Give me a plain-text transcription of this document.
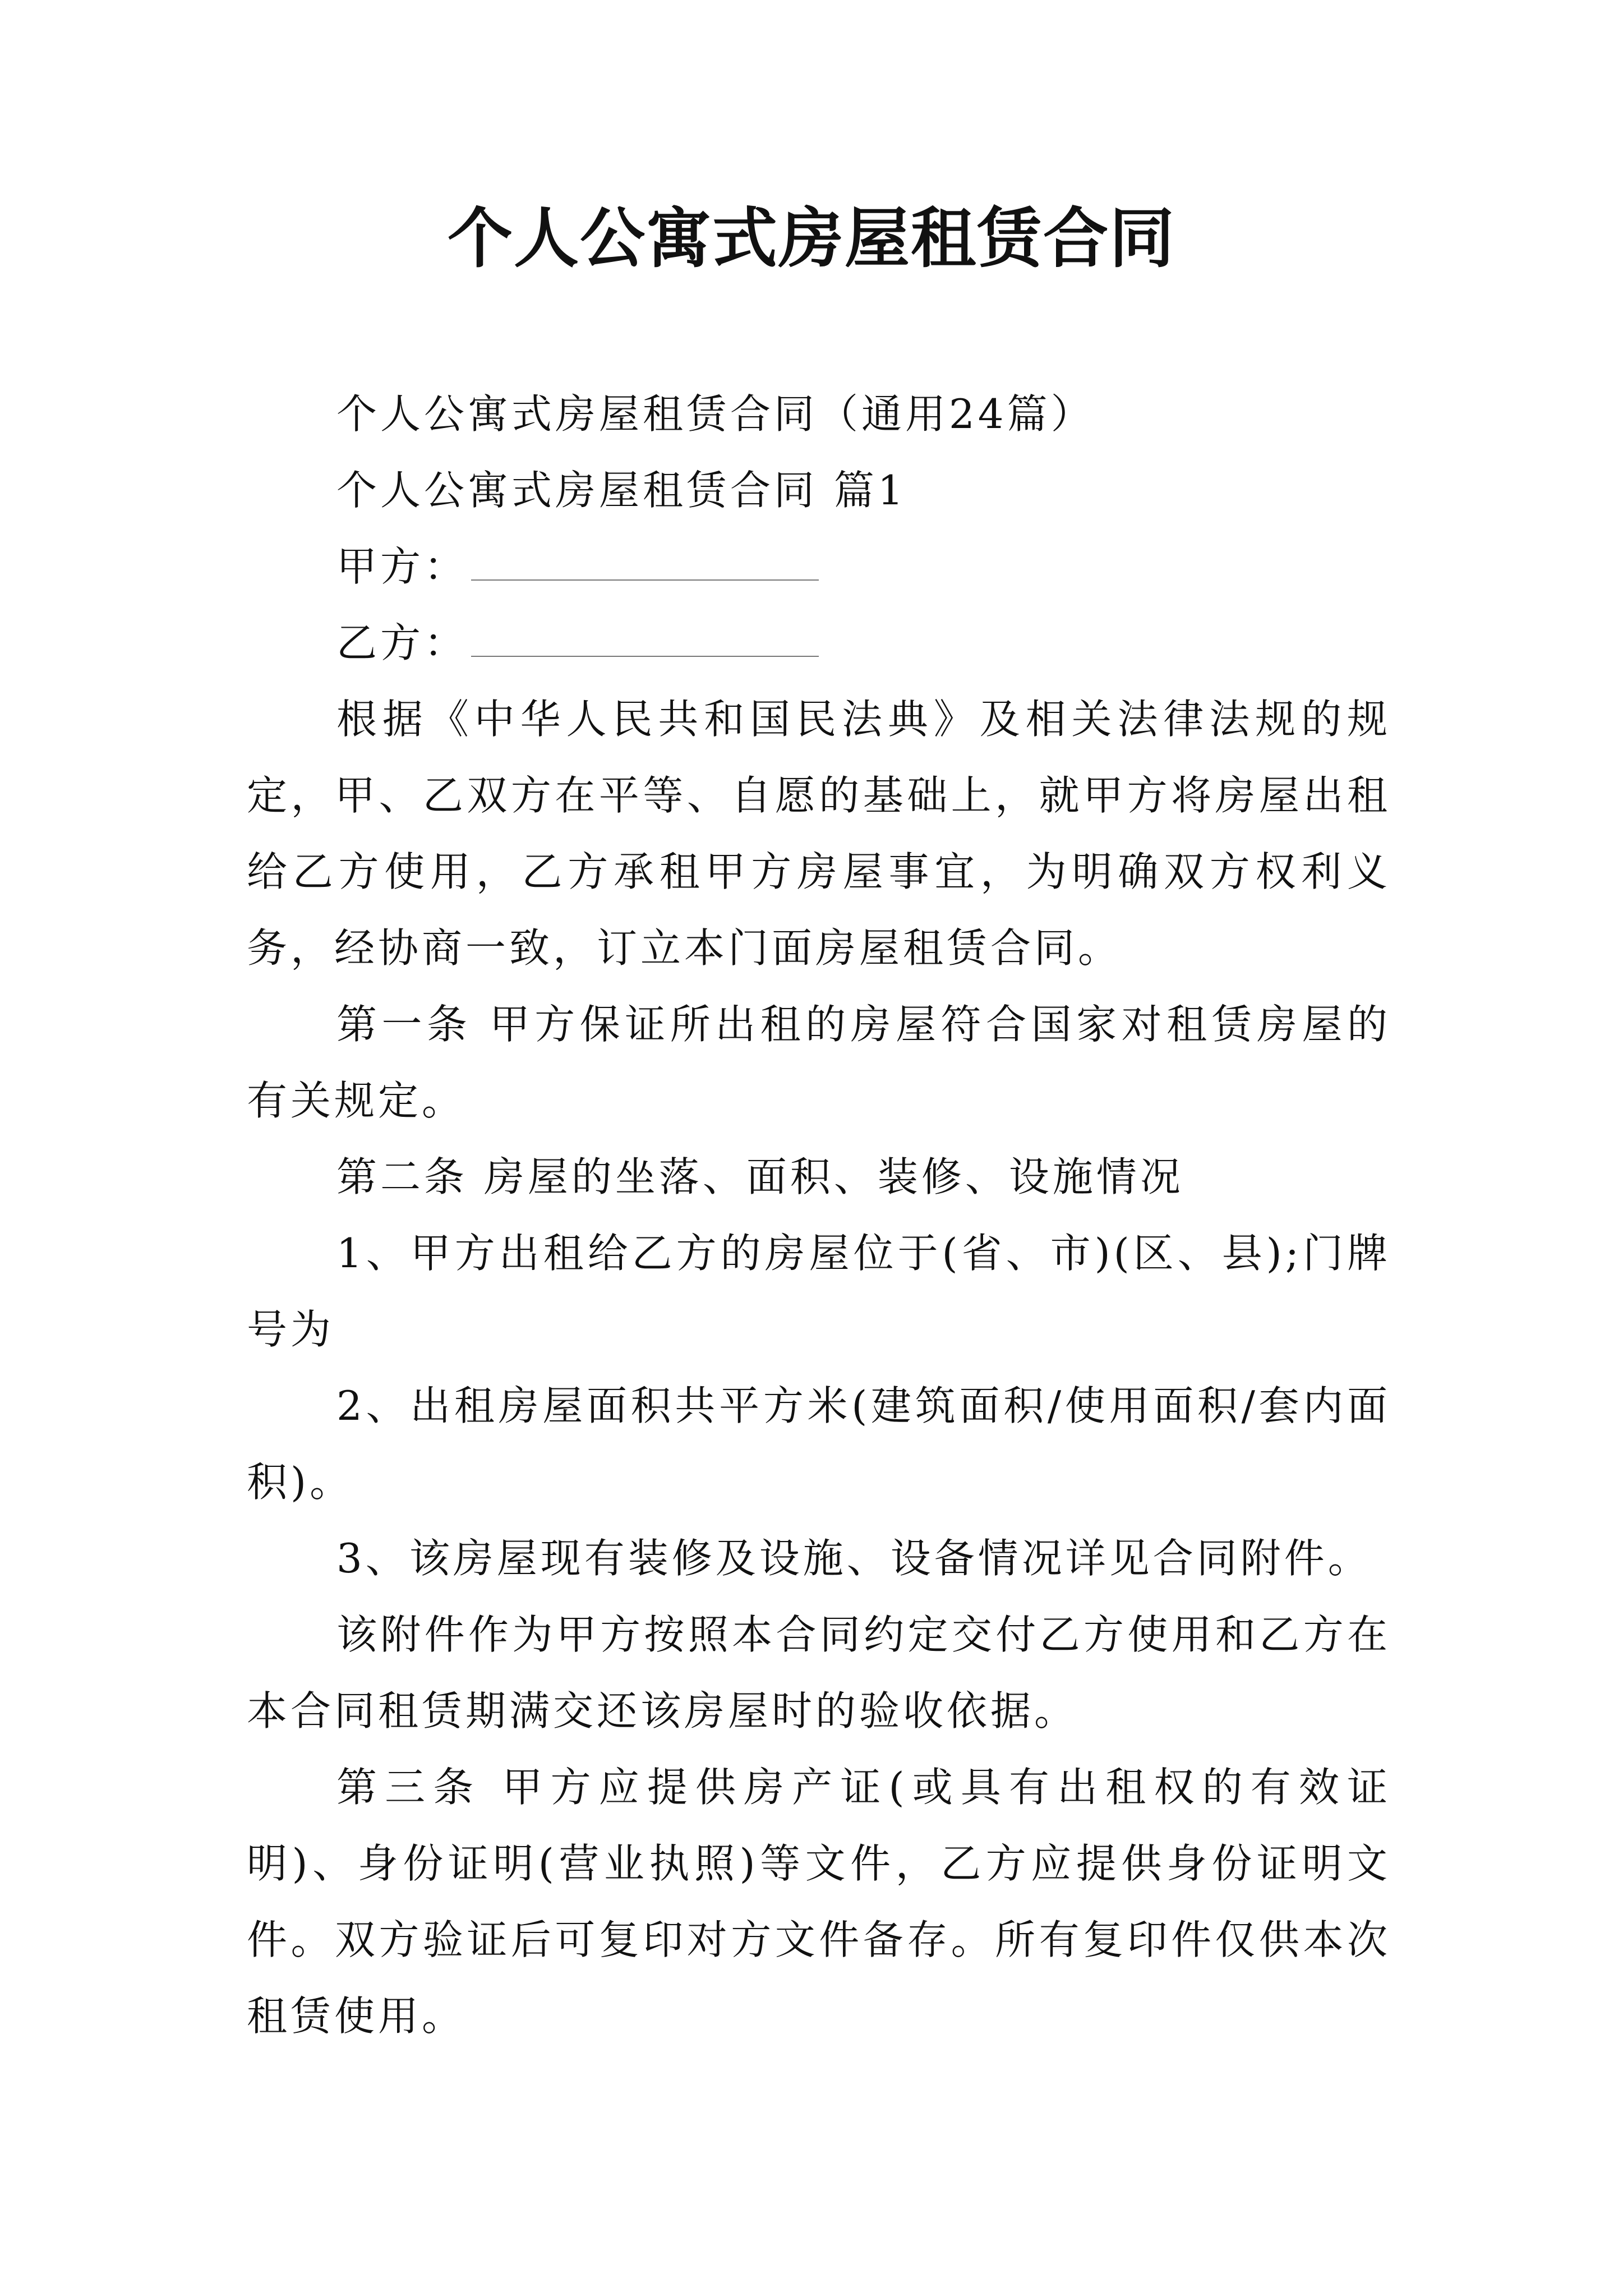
个人公寓式房屋租赁合同

个人公寓式房屋租赁合同（通用24篇）

个人公寓式房屋租赁合同 篇1

甲方：

乙方：

根据《中华人民共和国民法典》及相关法律法规的规定，甲、乙双方在平等、自愿的基础上，就甲方将房屋出租给乙方使用，乙方承租甲方房屋事宜，为明确双方权利义务，经协商一致，订立本门面房屋租赁合同。

第一条 甲方保证所出租的房屋符合国家对租赁房屋的有关规定。

第二条 房屋的坐落、面积、装修、设施情况

1、甲方出租给乙方的房屋位于(省、市)(区、县);门牌号为

2、出租房屋面积共平方米(建筑面积/使用面积/套内面积)。

3、该房屋现有装修及设施、设备情况详见合同附件。

该附件作为甲方按照本合同约定交付乙方使用和乙方在本合同租赁期满交还该房屋时的验收依据。

第三条 甲方应提供房产证(或具有出租权的有效证明)、身份证明(营业执照)等文件，乙方应提供身份证明文件。双方验证后可复印对方文件备存。所有复印件仅供本次租赁使用。
